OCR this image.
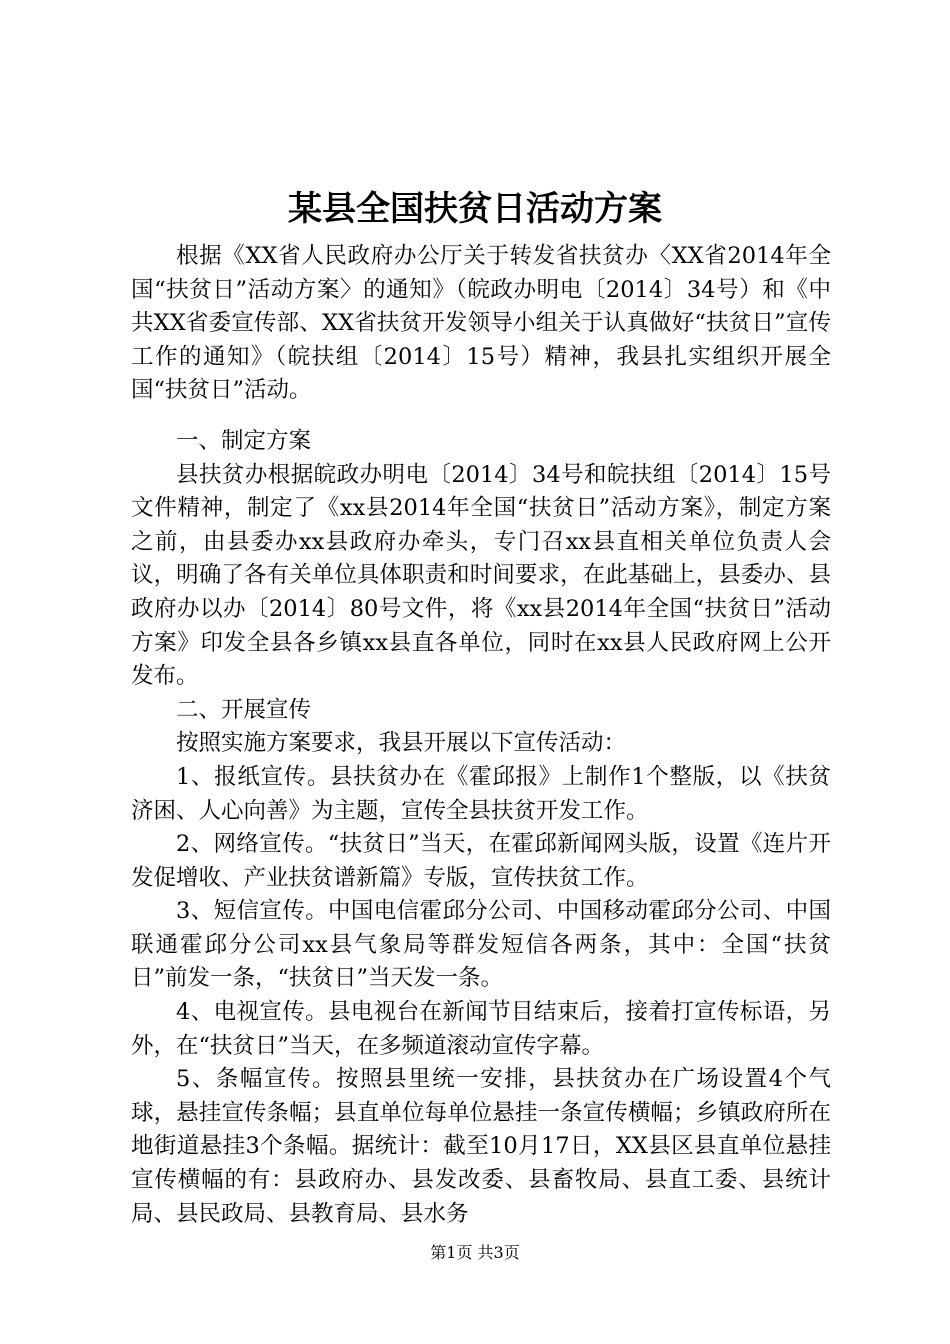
某县全国扶贫日活动方案

根据《XX省人民政府办公厅关于转发省扶贫办〈XX省2014年全国“扶贫日”活动方案〉的通知》（皖政办明电〔2014〕34号）和《中共XX省委宣传部、XX省扶贫开发领导小组关于认真做好“扶贫日”宣传工作的通知》（皖扶组〔2014〕15号）精神，我县扎实组织开展全国“扶贫日”活动。

一、制定方案

县扶贫办根据皖政办明电〔2014〕34号和皖扶组〔2014〕15号文件精神，制定了《xx县2014年全国“扶贫日”活动方案》，制定方案之前，由县委办xx县政府办牵头，专门召xx县直相关单位负责人会议，明确了各有关单位具体职责和时间要求，在此基础上，县委办、县政府办以办〔2014〕80号文件，将《xx县2014年全国“扶贫日”活动方案》印发全县各乡镇xx县直各单位，同时在xx县人民政府网上公开发布。

二、开展宣传

按照实施方案要求，我县开展以下宣传活动：

1、报纸宣传。县扶贫办在《霍邱报》上制作1个整版，以《扶贫济困、人心向善》为主题，宣传全县扶贫开发工作。

2、网络宣传。“扶贫日”当天，在霍邱新闻网头版，设置《连片开发促增收、产业扶贫谱新篇》专版，宣传扶贫工作。

3、短信宣传。中国电信霍邱分公司、中国移动霍邱分公司、中国联通霍邱分公司xx县气象局等群发短信各两条，其中：全国“扶贫日”前发一条，“扶贫日”当天发一条。

4、电视宣传。县电视台在新闻节目结束后，接着打宣传标语，另外，在“扶贫日”当天，在多频道滚动宣传字幕。

5、条幅宣传。按照县里统一安排，县扶贫办在广场设置4个气球，悬挂宣传条幅；县直单位每单位悬挂一条宣传横幅；乡镇政府所在地街道悬挂3个条幅。据统计：截至10月17日，XX县区县直单位悬挂宣传横幅的有：县政府办、县发改委、县畜牧局、县直工委、县统计局、县民政局、县教育局、县水务

第1页 共3页
